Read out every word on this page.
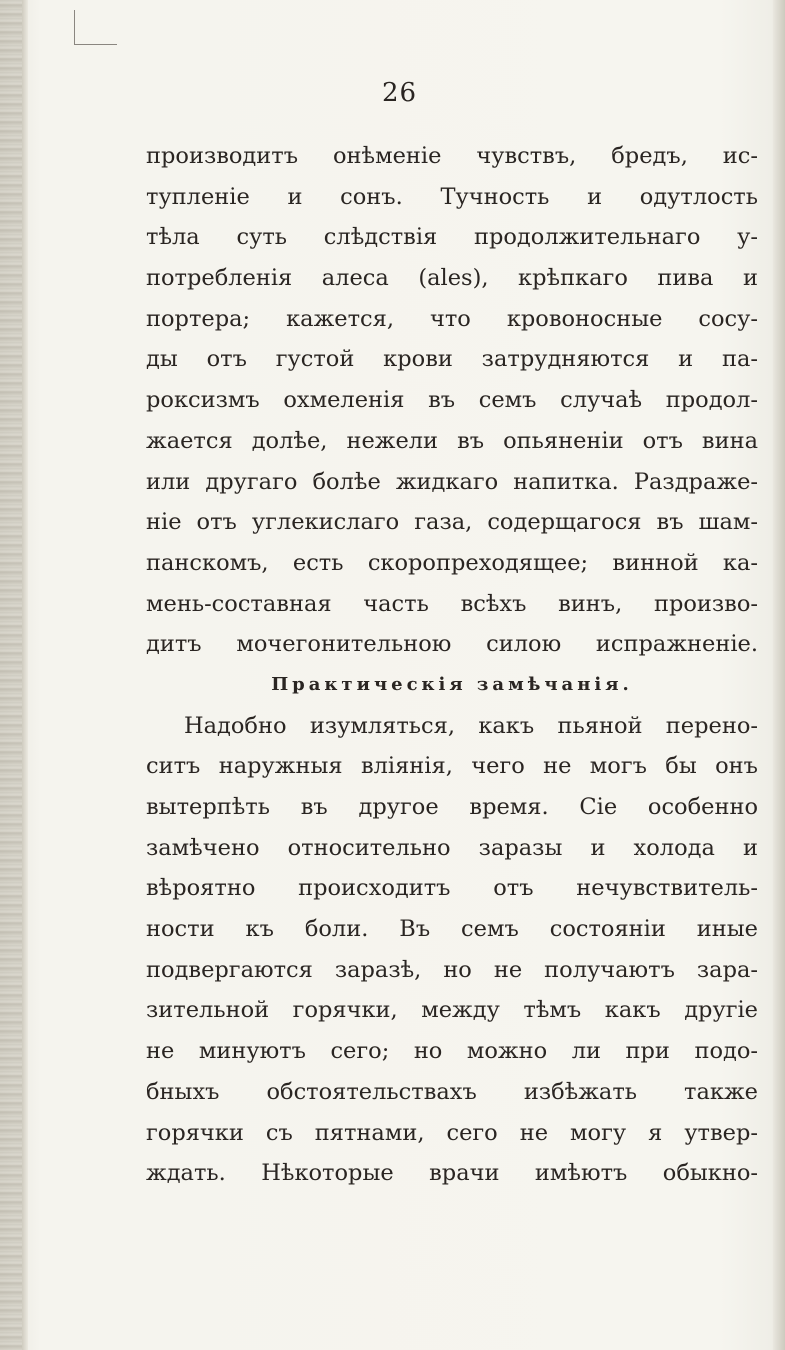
26
производитъ онѣменіе чувствъ, бредъ, ис-
тупленіе и сонъ. Тучность и одутлость
тѣла суть слѣдствія продолжительнаго у-
потребленія алеса (ales), крѣпкаго пива и
портера; кажется, что кровоносные сосу-
ды отъ густой крови затрудняются и па-
роксизмъ охмеленія въ семъ случаѣ продол-
жается долѣе, нежели въ опьяненіи отъ вина
или другаго болѣе жидкаго напитка. Раздраже-
ніе отъ углекислаго газа, содерщагося въ шам-
панскомъ, есть скоропреходящее; винной ка-
мень-составная часть всѣхъ винъ, произво-
дитъ мочегонительною силою испражненіе.
Практическія замѣчанія.
Надобно изумляться, какъ пьяной перено-
ситъ наружныя вліянія, чего не могъ бы онъ
вытерпѣть въ другое время. Сіе особенно
замѣчено относительно заразы и холода и
вѣроятно происходитъ отъ нечувствитель-
ности къ боли. Въ семъ состояніи иные
подвергаются заразѣ, но не получаютъ зара-
зительной горячки, между тѣмъ какъ другіе
не минуютъ сего; но можно ли при подо-
бныхъ обстоятельствахъ избѣжать также
горячки съ пятнами, сего не могу я утвер-
ждать. Нѣкоторые врачи имѣютъ обыкно-
